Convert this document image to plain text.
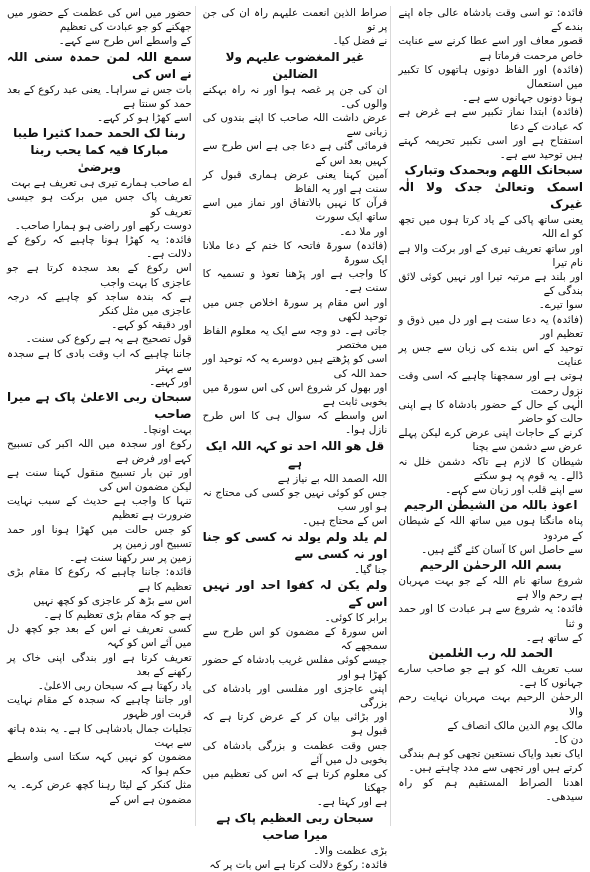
فائدہ: تو اسی وقت بادشاہ عالی جاہ اپنے بندے کے
قصور معاف اور اسے عطا کرنے سے عنایت خاص مرحمت فرماتا ہے
(فائدہ) اور الفاظ دونوں ہاتھوں کا تکبیر میں استعمال
ہونا دونوں جہانوں سے ہے۔
(فائدہ) ابتدا نماز تکبیر سے ہے غرض ہے کہ عبادت کے دعا
استفتاح ہے اور اسی تکبیر تحریمہ کہتے ہیں توحید سے ہے۔
سبحانک اللھم وبحمدک وتبارک
اسمک وتعالیٰ جدک ولا الٰہ غیرک
یعنی ساتھ پاکی کے یاد کرتا ہوں میں تجھ کو اے اللہ
اور ساتھ تعریف تیری کے اور برکت والا ہے نام تیرا
اور بلند ہے مرتبہ تیرا اور نہیں کوئی لائق بندگی کے
سوا تیرے۔
(فائدہ) یہ دعا سنت ہے اور دل میں ذوق و تعظیم اور
توحید کے اس بندے کی زبان سے جس پر عنایت
ہوتی ہے اور سمجھنا چاہیے کہ اسی وقت نزول رحمت
الٰہی کے حال کے حضور بادشاہ کا ہے اپنی حالت کو حاضر
کرنے کے حاجات اپنی عرض کرے لیکن پہلے عرض سے دشمن سے بچنا
شیطان کا لازم ہے تاکہ دشمن خلل نہ ڈالے۔ یہ قوم پہ ہو سکتے
سے اپنے قلب اور زبان سے کہے۔
اعوذ باللہ من الشیطٰن الرجیم
پناہ مانگتا ہوں میں ساتھ اللہ کے شیطان کے مردود
سے حاصل اس کا آسان کئے گئے ہیں۔
بسم اللہ الرحمٰن الرحیم
شروع ساتھ نام اللہ کے جو بہت مہربان ہے رحم والا ہے
فائدہ: یہ شروع سے ہر عبادت کا اور حمد و ثنا
کے ساتھ ہے۔
الحمد للہ رب العٰلمین
سب تعریف اللہ کو ہے جو صاحب سارے جہانوں کا ہے۔
الرحمٰن الرحیم بہت مہربان نہایت رحم والا
مالک یوم الدین مالک انصاف کے
دن کا۔
ایاک نعبد وایاک نستعین تجھی کو ہم بندگی
کرتے ہیں اور تجھی سے مدد چاہتے ہیں۔
اھدنا الصراط المستقیم ہم کو راہ سیدھی۔
صراط الذین انعمت علیہم راہ ان کی جن پر تو
نے فضل کیا۔
غیر المغضوب علیہم ولا الضالین
ان کی جن پر غصہ ہوا اور نہ راہ بہکنے والوں کی۔
عرض داشت اللہ صاحب کا اپنے بندوں کی زبانی سے
فرمائی گئی ہے دعا جی ہے اس طرح سے کہیں بعد اس کے
آمین کہنا یعنی عرض ہماری قبول کر سنت ہے اور یہ الفاظ
قرآن کا نہیں بالاتفاق اور نماز میں اسے ساتھ ایک سورت
اور ملا دے۔
(فائدہ) سورۃ فاتحہ کا ختم کے دعا ملانا ایک سورۃ
کا واجب ہے اور پڑھنا تعوذ و تسمیہ کا سنت ہے۔
اور اس مقام پر سورۃ اخلاص جس میں توحید لکھی
جاتی ہے۔ دو وجہ سے ایک یہ معلوم الفاظ میں مختصر
اسی کو پڑھتے ہیں دوسرے یہ کہ توحید اور حمد اللہ کی
اور بھول کر شروع اس کی اس سورۃ میں بخوبی ثابت ہے
اس واسطے کہ سوال ہی کا اس طرح نازل ہوا۔
قل ھو اللہ احد تو کہہ اللہ ایک ہے
اللہ الصمد اللہ بے نیاز ہے
جس کو کوئی نہیں جو کسی کی محتاج نہ ہو اور سب
اس کے محتاج ہیں۔
لم یلد ولم یولد نہ کسی کو جنا اور نہ کسی سے
جنا گیا۔
ولم یکن لہ کفوا احد اور نہیں اس کے
برابر کا کوئی۔
اس سورۃ کے مضمون کو اس طرح سے سمجھے کہ
جیسے کوئی مفلس غریب بادشاہ کے حضور کھڑا ہو اور
اپنی عاجزی اور مفلسی اور بادشاہ کی بزرگی
اور بڑائی بیان کر کے عرض کرتا ہے کہ قبول ہو
جس وقت عظمت و بزرگی بادشاہ کی بخوبی دل میں آئے
کی معلوم کرتا ہے کہ اس کی تعظیم میں جھکنا
ہے اور کہتا ہے۔
سبحان ربی العظیم پاک ہے میرا صاحب
بڑی عظمت والا۔
فائدہ: رکوع دلالت کرتا ہے اس بات پر کہ
حضور میں اس کی عظمت کے حضور میں جھکنے کو جو عبادت کی تعظیم
کے واسطے اس طرح سے کہے۔
سمع اللہ لمن حمدہ سنی اللہ نے اس کی
بات جس نے سراہا۔ یعنی عبد رکوع کے بعد حمد کو سنتا ہے
اسے کھڑا ہو کر کہے۔
ربنا لک الحمد حمدا کثیرا طیبا
مبارکا فیہ کما یحب ربنا ویرضیٰ
اے صاحب ہمارے تیری ہی تعریف ہے بہت
تعریف پاک جس میں برکت ہو جیسی تعریف کو
دوست رکھے اور راضی ہو ہمارا صاحب۔
فائدہ: یہ کھڑا ہونا چاہیے کہ رکوع کے دلالت ہے۔
اس رکوع کے بعد سجدہ کرتا ہے جو عاجزی کا بہت واجب
ہے کہ بندہ ساجد کو چاہیے کہ درجہ عاجزی میں مثل کنکر
اور دقیقہ کو کہے۔
قول تصحیح ہے یہ ہے رکوع کی سنت۔
جاننا چاہیے کہ اب وقت بادی کا ہے سجدہ سے بہتر
اور کہیے۔
سبحان ربی الاعلیٰ پاک ہے میرا صاحب
بہت اونچا۔
رکوع اور سجدہ میں اللہ اکبر کی تسبیح کہے اور فرض ہے
اور تین بار تسبیح منقول کہنا سنت ہے لیکن مضمون اس کی
تنہا کا واجب ہے حدیث کے سبب نہایت ضرورت ہے تعظیم
کو جس حالت میں کھڑا ہونا اور حمد تسبیح اور زمین پر
زمین پر سر رکھنا سنت ہے۔
فائدہ: جاننا چاہیے کہ رکوع کا مقام بڑی تعظیم کا ہے
اس سے بڑھ کر عاجزی کو کچھ نہیں
ہے جو کہ مقام بڑی تعظیم کا ہے۔
کسی تعریف نے اس کے بعد جو کچھ دل میں آئے اس کو کہہ
تعریف کرتا ہے اور بندگی اپنی خاک پر رکھنے کے بعد
یاد رکھتا ہے کہ سبحان ربی الاعلیٰ۔
اور جاننا چاہیے کہ سجدہ کے مقام نہایت قربت اور ظہور
تجلیات جمال بادشاہی کا ہے۔ یہ بندہ ہاتھ سے بہت
مضمون کو نہیں کہہ سکتا اسی واسطے حکم ہوا کہ
مثل کنکر کے لیٹا رہنا کچھ عرض کرے۔ یہ مضمون ہے اس کے
